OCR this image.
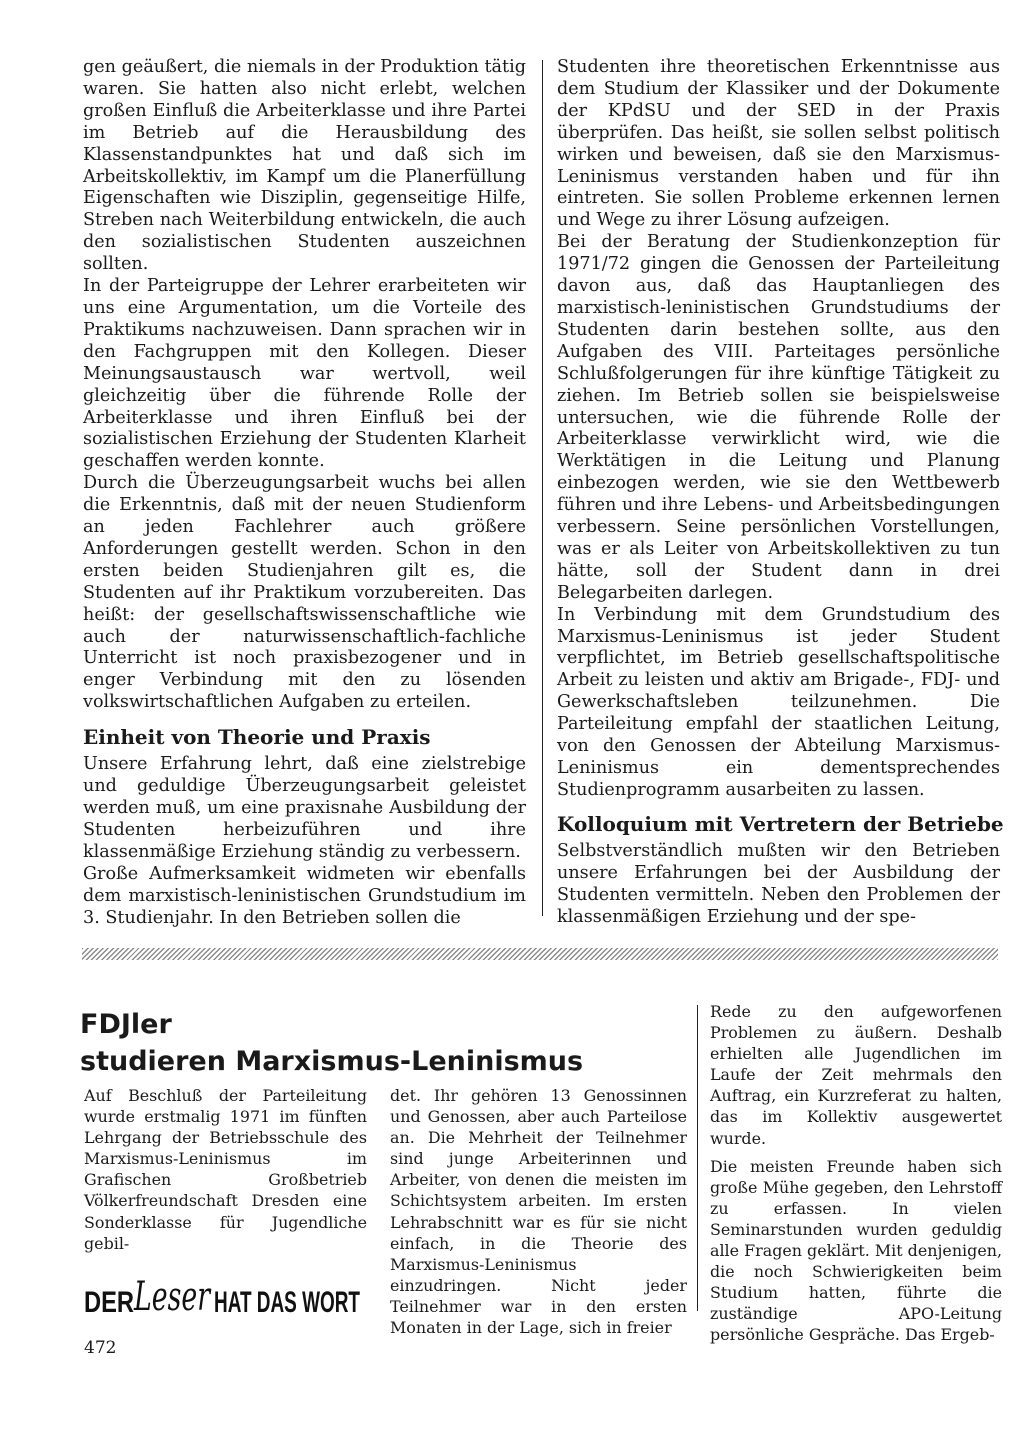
gen geäußert, die niemals in der Produktion tätig waren. Sie hatten also nicht erlebt, welchen großen Einfluß die Arbeiterklasse und ihre Partei im Betrieb auf die Herausbildung des Klassenstandpunktes hat und daß sich im Arbeitskollektiv, im Kampf um die Planerfüllung Eigenschaften wie Disziplin, gegenseitige Hilfe, Streben nach Weiterbildung entwickeln, die auch den sozialistischen Studenten auszeichnen sollten.

In der Parteigruppe der Lehrer erarbeiteten wir uns eine Argumentation, um die Vorteile des Praktikums nachzuweisen. Dann sprachen wir in den Fachgruppen mit den Kollegen. Dieser Meinungsaustausch war wertvoll, weil gleichzeitig über die führende Rolle der Arbeiterklasse und ihren Einfluß bei der sozialistischen Erziehung der Studenten Klarheit geschaffen werden konnte.

Durch die Überzeugungsarbeit wuchs bei allen die Erkenntnis, daß mit der neuen Studienform an jeden Fachlehrer auch größere Anforderungen gestellt werden. Schon in den ersten beiden Studienjahren gilt es, die Studenten auf ihr Praktikum vorzubereiten. Das heißt: der gesellschaftswissenschaftliche wie auch der naturwissenschaftlich-fachliche Unterricht ist noch praxisbezogener und in enger Verbindung mit den zu lösenden volkswirtschaftlichen Aufgaben zu erteilen.

Einheit von Theorie und Praxis

Unsere Erfahrung lehrt, daß eine zielstrebige und geduldige Überzeugungsarbeit geleistet werden muß, um eine praxisnahe Ausbildung der Studenten herbeizuführen und ihre klassenmäßige Erziehung ständig zu verbessern.

Große Aufmerksamkeit widmeten wir ebenfalls dem marxistisch-leninistischen Grundstudium im 3. Studienjahr. In den Betrieben sollen die

Studenten ihre theoretischen Erkenntnisse aus dem Studium der Klassiker und der Dokumente der KPdSU und der SED in der Praxis überprüfen. Das heißt, sie sollen selbst politisch wirken und beweisen, daß sie den Marxismus-Leninismus verstanden haben und für ihn eintreten. Sie sollen Probleme erkennen lernen und Wege zu ihrer Lösung aufzeigen.

Bei der Beratung der Studienkonzeption für 1971/72 gingen die Genossen der Parteileitung davon aus, daß das Hauptanliegen des marxistisch-leninistischen Grundstudiums der Studenten darin bestehen sollte, aus den Aufgaben des VIII. Parteitages persönliche Schlußfolgerungen für ihre künftige Tätigkeit zu ziehen. Im Betrieb sollen sie beispielsweise untersuchen, wie die führende Rolle der Arbeiterklasse verwirklicht wird, wie die Werktätigen in die Leitung und Planung einbezogen werden, wie sie den Wettbewerb führen und ihre Lebens- und Arbeitsbedingungen verbessern. Seine persönlichen Vorstellungen, was er als Leiter von Arbeitskollektiven zu tun hätte, soll der Student dann in drei Belegarbeiten darlegen.

In Verbindung mit dem Grundstudium des Marxismus-Leninismus ist jeder Student verpflichtet, im Betrieb gesellschaftspolitische Arbeit zu leisten und aktiv am Brigade-, FDJ- und Gewerkschaftsleben teilzunehmen. Die Parteileitung empfahl der staatlichen Leitung, von den Genossen der Abteilung Marxismus-Leninismus ein dementsprechendes Studienprogramm ausarbeiten zu lassen.

Kolloquium mit Vertretern der Betriebe

Selbstverständlich mußten wir den Betrieben unsere Erfahrungen bei der Ausbildung der Studenten vermitteln. Neben den Problemen der klassenmäßigen Erziehung und der spe-

FDJler
studieren Marxismus-Leninismus

Auf Beschluß der Parteileitung wurde erstmalig 1971 im fünften Lehrgang der Betriebsschule des Marxismus-Leninismus im Grafischen Großbetrieb Völkerfreundschaft Dresden eine Sonderklasse für Jugendliche gebil-

det. Ihr gehören 13 Genossinnen und Genossen, aber auch Parteilose an. Die Mehrheit der Teilnehmer sind junge Arbeiterinnen und Arbeiter, von denen die meisten im Schichtsystem arbeiten. Im ersten Lehrabschnitt war es für sie nicht einfach, in die Theorie des Marxismus-Leninismus einzudringen. Nicht jeder Teilnehmer war in den ersten Monaten in der Lage, sich in freier

Rede zu den aufgeworfenen Problemen zu äußern. Deshalb erhielten alle Jugendlichen im Laufe der Zeit mehrmals den Auftrag, ein Kurzreferat zu halten, das im Kollektiv ausgewertet wurde.

Die meisten Freunde haben sich große Mühe gegeben, den Lehrstoff zu erfassen. In vielen Seminarstunden wurden geduldig alle Fragen geklärt. Mit denjenigen, die noch Schwierigkeiten beim Studium hatten, führte die zuständige APO-Leitung persönliche Gespräche. Das Ergeb-

DER Leser HAT DAS WORT
472
